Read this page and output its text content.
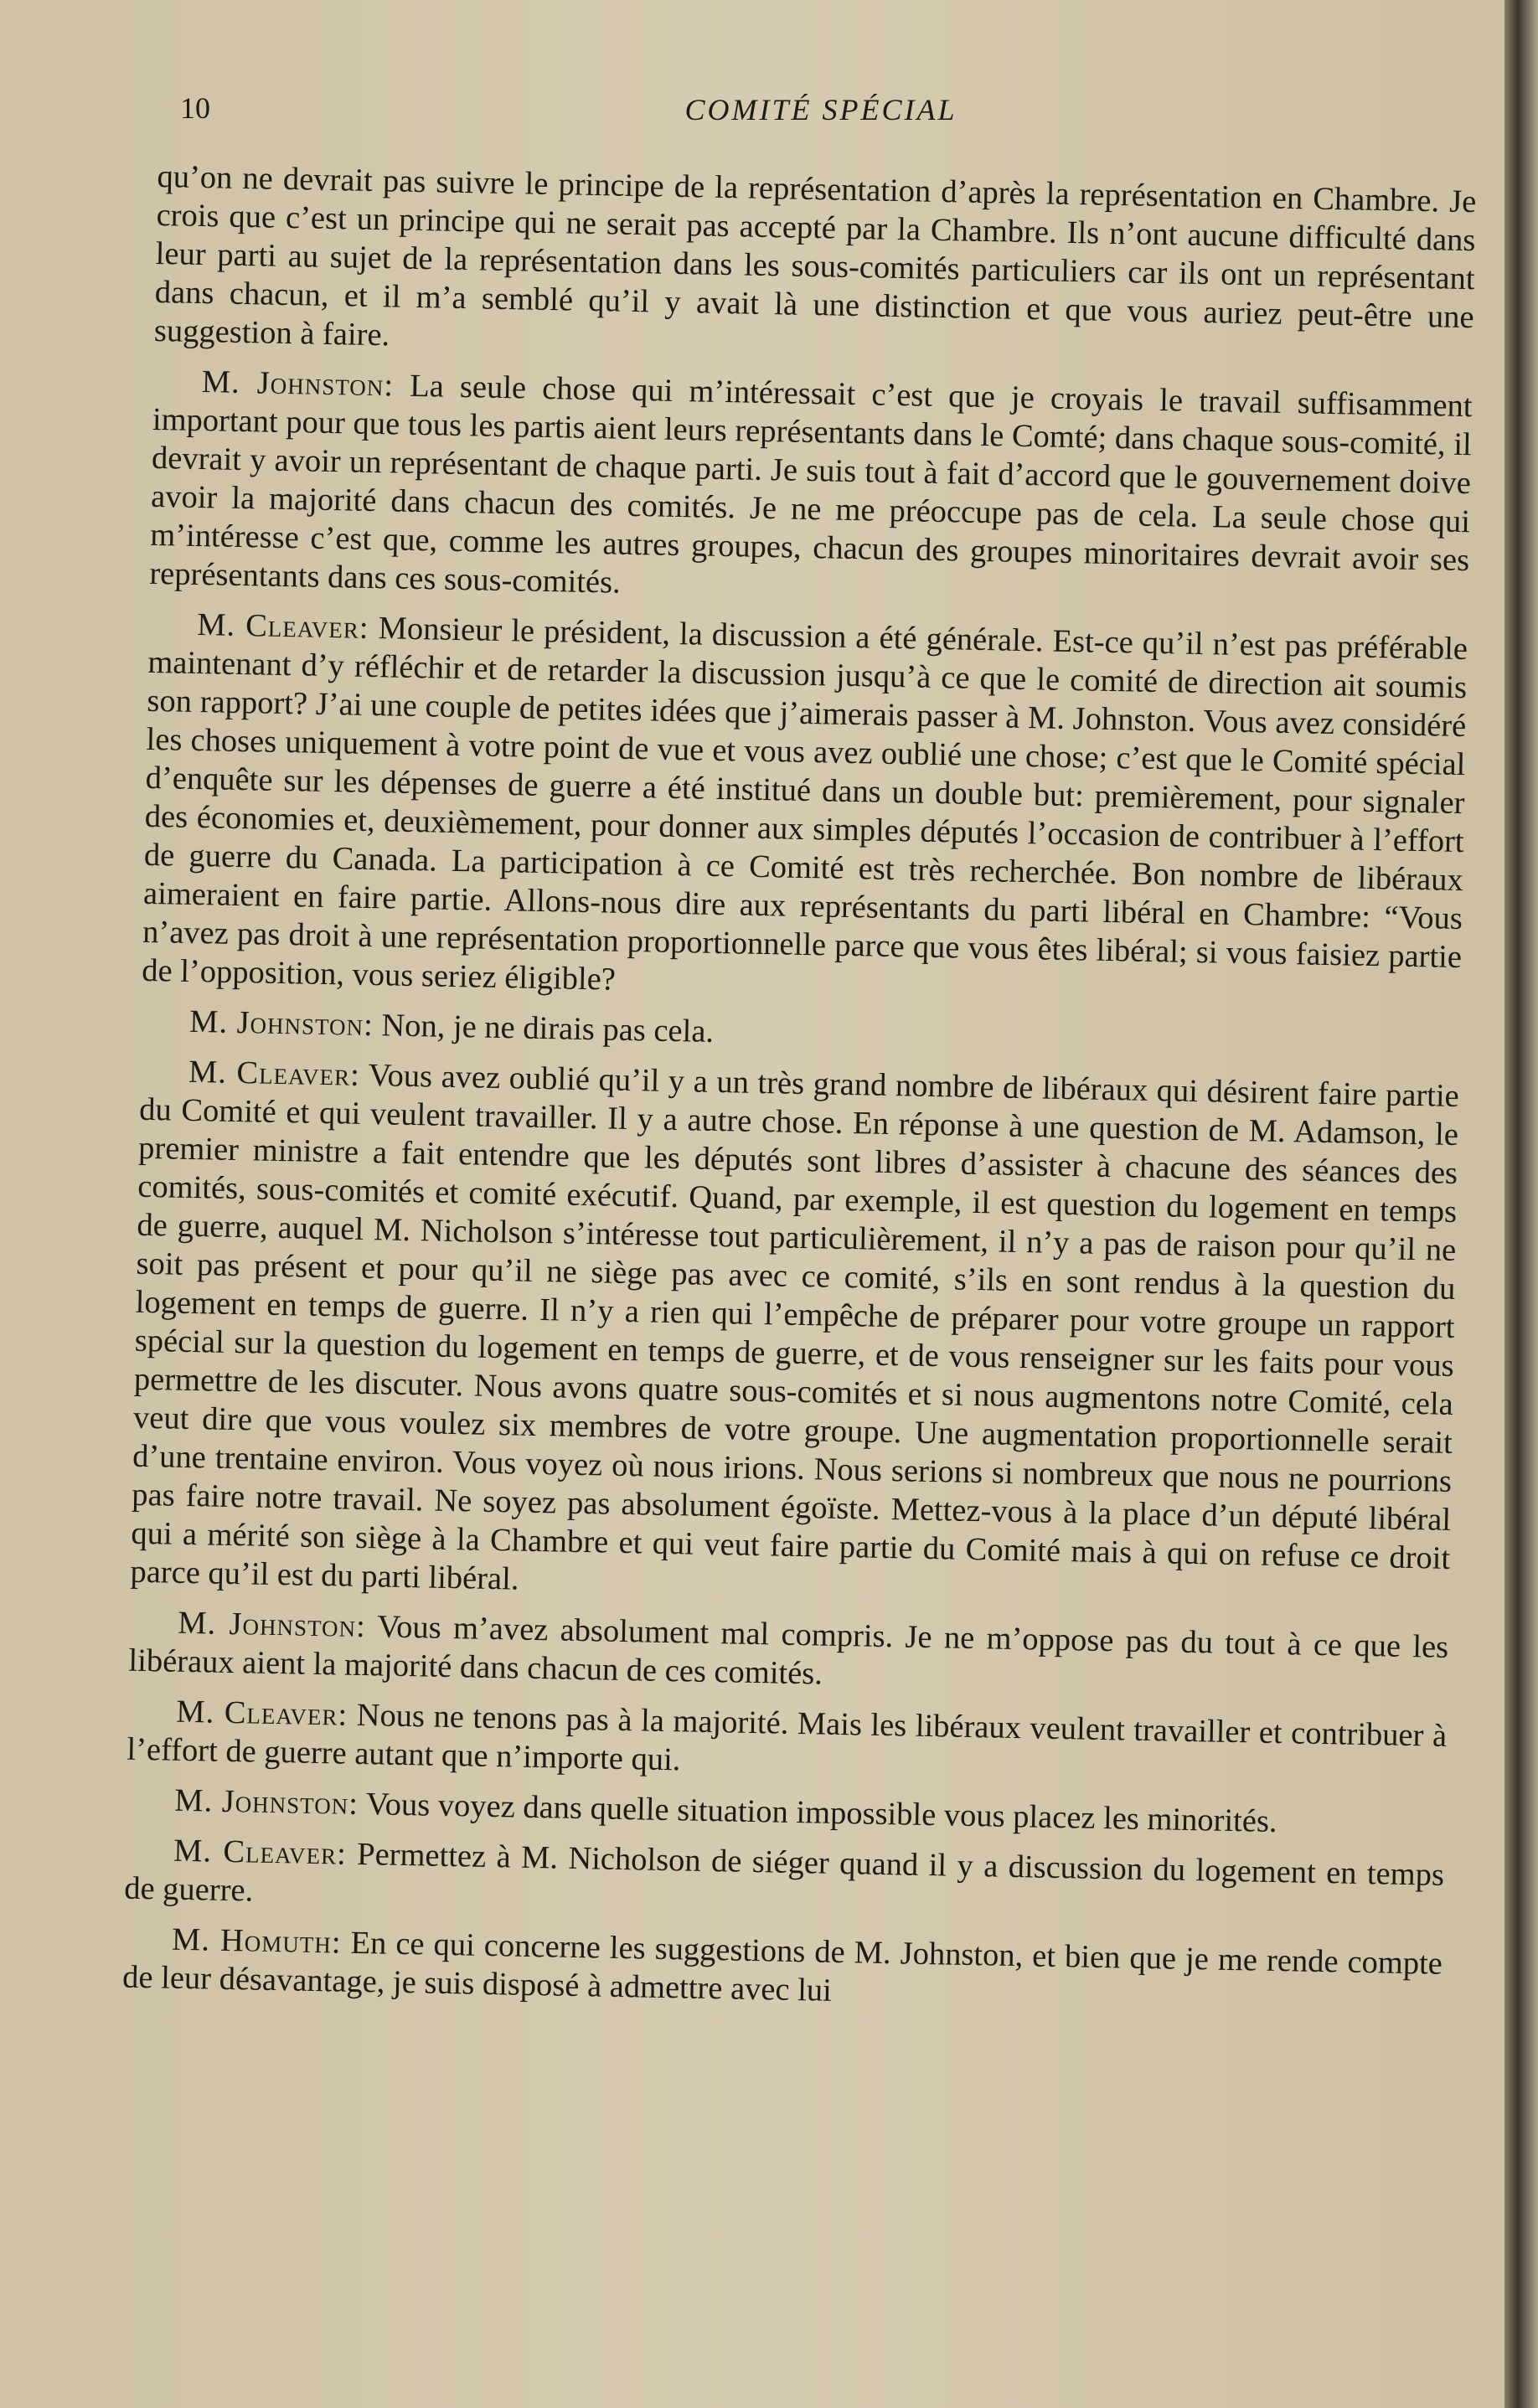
10	COMITÉ SPÉCIAL

qu’on ne devrait pas suivre le principe de la représentation d’après la représentation en Chambre. Je crois que c’est un principe qui ne serait pas accepté par la Chambre. Ils n’ont aucune difficulté dans leur parti au sujet de la représentation dans les sous-comités particuliers car ils ont un représentant dans chacun, et il m’a semblé qu’il y avait là une distinction et que vous auriez peut-être une suggestion à faire.

M. Johnston: La seule chose qui m’intéressait c’est que je croyais le travail suffisamment important pour que tous les partis aient leurs représentants dans le Comté; dans chaque sous-comité, il devrait y avoir un représentant de chaque parti. Je suis tout à fait d’accord que le gouvernement doive avoir la majorité dans chacun des comités. Je ne me préoccupe pas de cela. La seule chose qui m’intéresse c’est que, comme les autres groupes, chacun des groupes minoritaires devrait avoir ses représentants dans ces sous-comités.

M. Cleaver: Monsieur le président, la discussion a été générale. Est-ce qu’il n’est pas préférable maintenant d’y réfléchir et de retarder la discussion jusqu’à ce que le comité de direction ait soumis son rapport? J’ai une couple de petites idées que j’aimerais passer à M. Johnston. Vous avez considéré les choses uniquement à votre point de vue et vous avez oublié une chose; c’est que le Comité spécial d’enquête sur les dépenses de guerre a été institué dans un double but: premièrement, pour signaler des économies et, deuxièmement, pour donner aux simples députés l’occasion de contribuer à l’effort de guerre du Canada. La participation à ce Comité est très recherchée. Bon nombre de libéraux aimeraient en faire partie. Allons-nous dire aux représentants du parti libéral en Chambre: “Vous n’avez pas droit à une représentation proportionnelle parce que vous êtes libéral; si vous faisiez partie de l’opposition, vous seriez éligible?

M. Johnston: Non, je ne dirais pas cela.

M. Cleaver: Vous avez oublié qu’il y a un très grand nombre de libéraux qui désirent faire partie du Comité et qui veulent travailler. Il y a autre chose. En réponse à une question de M. Adamson, le premier ministre a fait entendre que les députés sont libres d’assister à chacune des séances des comités, sous-comités et comité exécutif. Quand, par exemple, il est question du logement en temps de guerre, auquel M. Nicholson s’intéresse tout particulièrement, il n’y a pas de raison pour qu’il ne soit pas présent et pour qu’il ne siège pas avec ce comité, s’ils en sont rendus à la question du logement en temps de guerre. Il n’y a rien qui l’empêche de préparer pour votre groupe un rapport spécial sur la question du logement en temps de guerre, et de vous renseigner sur les faits pour vous permettre de les discuter. Nous avons quatre sous-comités et si nous augmentons notre Comité, cela veut dire que vous voulez six membres de votre groupe. Une augmentation proportionnelle serait d’une trentaine environ. Vous voyez où nous irions. Nous serions si nombreux que nous ne pourrions pas faire notre travail. Ne soyez pas absolument égoïste. Mettez-vous à la place d’un député libéral qui a mérité son siège à la Chambre et qui veut faire partie du Comité mais à qui on refuse ce droit parce qu’il est du parti libéral.

M. Johnston: Vous m’avez absolument mal compris. Je ne m’oppose pas du tout à ce que les libéraux aient la majorité dans chacun de ces comités.

M. Cleaver: Nous ne tenons pas à la majorité. Mais les libéraux veulent travailler et contribuer à l’effort de guerre autant que n’importe qui.

M. Johnston: Vous voyez dans quelle situation impossible vous placez les minorités.

M. Cleaver: Permettez à M. Nicholson de siéger quand il y a discussion du logement en temps de guerre.

M. Homuth: En ce qui concerne les suggestions de M. Johnston, et bien que je me rende compte de leur désavantage, je suis disposé à admettre avec lui
